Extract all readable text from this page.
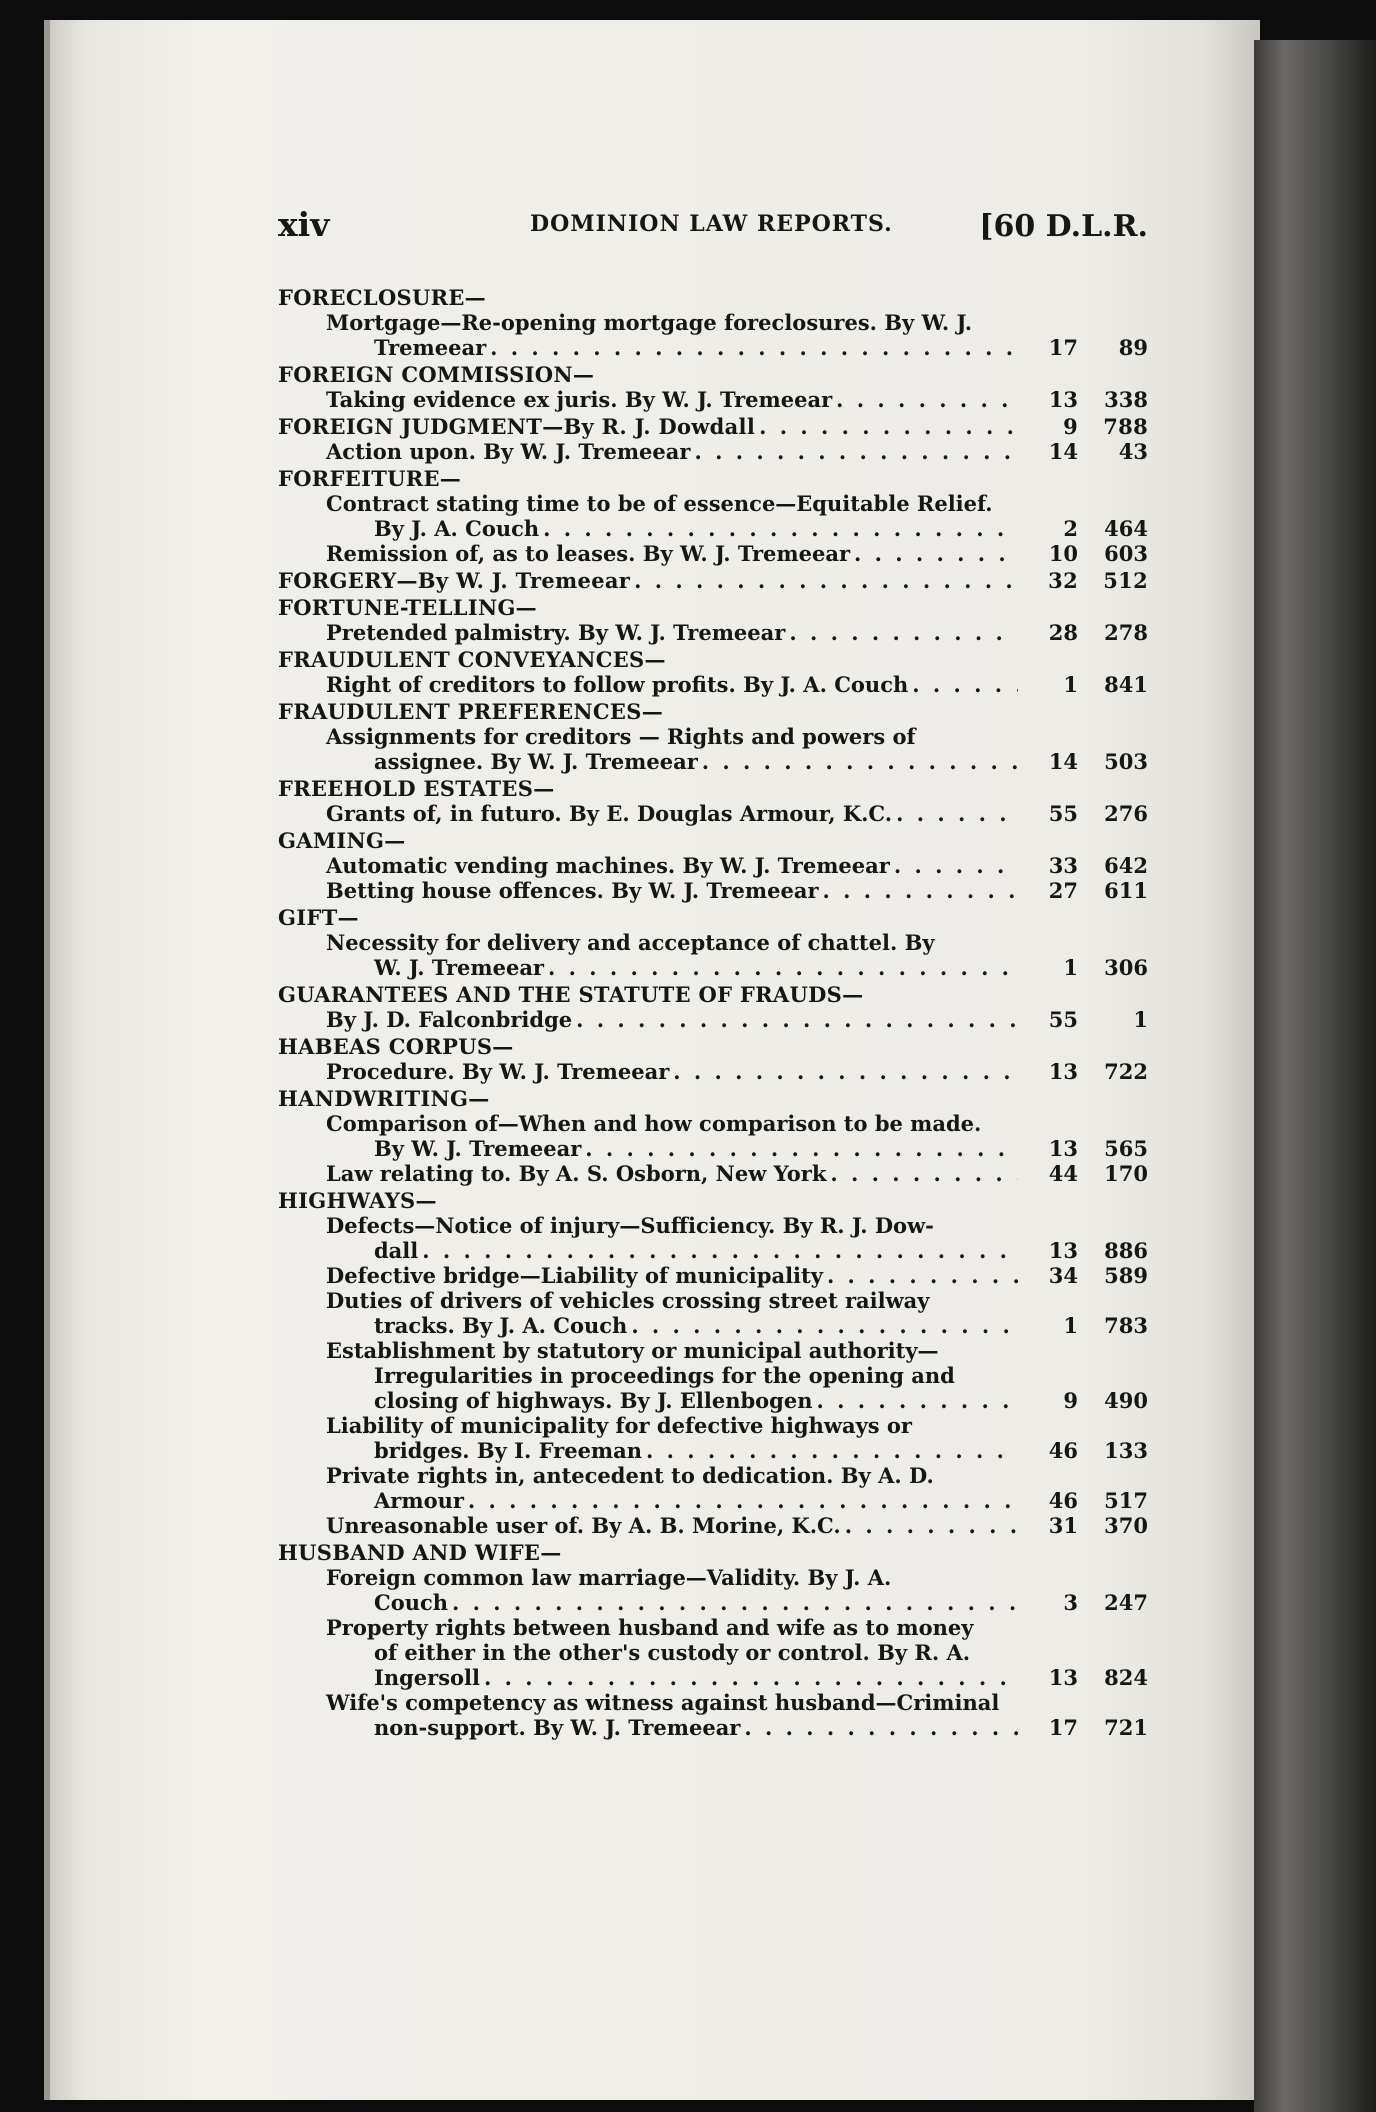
xiv	DOMINION LAW REPORTS.	[60 D.L.R.
FORECLOSURE—
Mortgage—Re-opening mortgage foreclosures. By W. J.
Tremeear . . .	17	89
FOREIGN COMMISSION—
Taking evidence ex juris. By W. J. Tremeear . . .	13	338
FOREIGN JUDGMENT—By R. J. Dowdall . . .	9	788
Action upon. By W. J. Tremeear . . .	14	43
FORFEITURE—
Contract stating time to be of essence—Equitable Relief.
By J. A. Couch . . .	2	464
Remission of, as to leases. By W. J. Tremeear . . .	10	603
FORGERY—By W. J. Tremeear . . .	32	512
FORTUNE-TELLING—
Pretended palmistry. By W. J. Tremeear . . .	28	278
FRAUDULENT CONVEYANCES—
Right of creditors to follow profits. By J. A. Couch . . .	1	841
FRAUDULENT PREFERENCES—
Assignments for creditors — Rights and powers of
assignee. By W. J. Tremeear . . .	14	503
FREEHOLD ESTATES—
Grants of, in futuro. By E. Douglas Armour, K.C. . . .	55	276
GAMING—
Automatic vending machines. By W. J. Tremeear . . .	33	642
Betting house offences. By W. J. Tremeear . . .	27	611
GIFT—
Necessity for delivery and acceptance of chattel. By
W. J. Tremeear . . .	1	306
GUARANTEES AND THE STATUTE OF FRAUDS—
By J. D. Falconbridge . . .	55	1
HABEAS CORPUS—
Procedure. By W. J. Tremeear . . .	13	722
HANDWRITING—
Comparison of—When and how comparison to be made.
By W. J. Tremeear . . .	13	565
Law relating to. By A. S. Osborn, New York . . .	44	170
HIGHWAYS—
Defects—Notice of injury—Sufficiency. By R. J. Dow-
dall . . .	13	886
Defective bridge—Liability of municipality . . .	34	589
Duties of drivers of vehicles crossing street railway
tracks. By J. A. Couch . . .	1	783
Establishment by statutory or municipal authority—
Irregularities in proceedings for the opening and
closing of highways. By J. Ellenbogen . . .	9	490
Liability of municipality for defective highways or
bridges. By I. Freeman . . .	46	133
Private rights in, antecedent to dedication. By A. D.
Armour . . .	46	517
Unreasonable user of. By A. B. Morine, K.C. . . .	31	370
HUSBAND AND WIFE—
Foreign common law marriage—Validity. By J. A.
Couch . . .	3	247
Property rights between husband and wife as to money
of either in the other's custody or control. By R. A.
Ingersoll . . .	13	824
Wife's competency as witness against husband—Criminal
non-support. By W. J. Tremeear . . .	17	721
